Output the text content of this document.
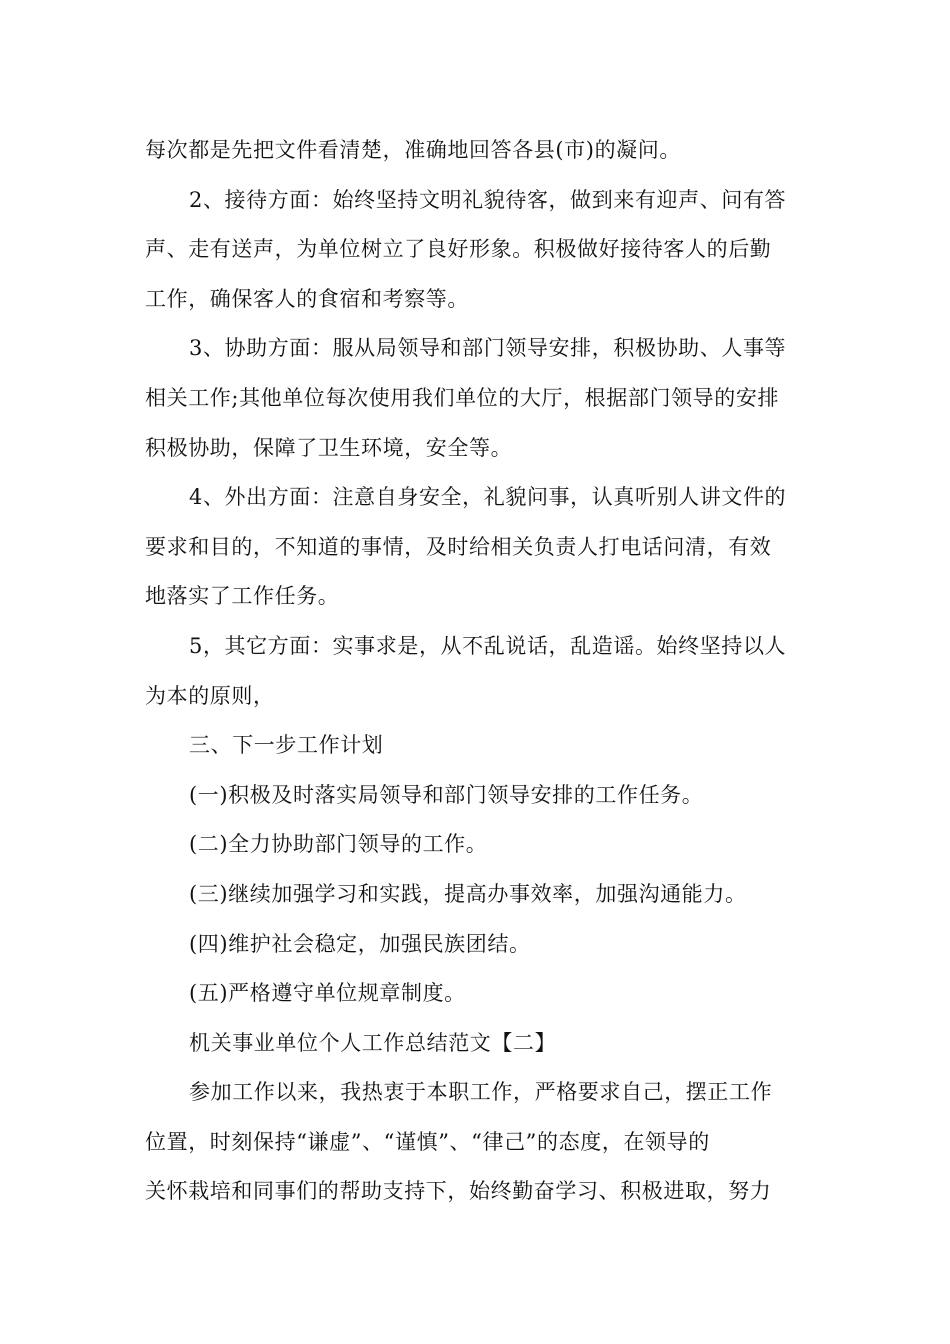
每次都是先把文件看清楚，准确地回答各县(市)的凝问。
2、接待方面：始终坚持文明礼貌待客，做到来有迎声、问有答
声、走有送声，为单位树立了良好形象。积极做好接待客人的后勤
工作，确保客人的食宿和考察等。
3、协助方面：服从局领导和部门领导安排，积极协助、人事等
相关工作;其他单位每次使用我们单位的大厅，根据部门领导的安排
积极协助，保障了卫生环境，安全等。
4、外出方面：注意自身安全，礼貌问事，认真听别人讲文件的
要求和目的，不知道的事情，及时给相关负责人打电话问清，有效
地落实了工作任务。
5，其它方面：实事求是，从不乱说话，乱造谣。始终坚持以人
为本的原则，
三、下一步工作计划
(一)积极及时落实局领导和部门领导安排的工作任务。
(二)全力协助部门领导的工作。
(三)继续加强学习和实践，提高办事效率，加强沟通能力。
(四)维护社会稳定，加强民族团结。
(五)严格遵守单位规章制度。
机关事业单位个人工作总结范文【二】
参加工作以来，我热衷于本职工作，严格要求自己，摆正工作
位置，时刻保持“谦虚”、“谨慎”、“律己”的态度，在领导的
关怀栽培和同事们的帮助支持下，始终勤奋学习、积极进取，努力
